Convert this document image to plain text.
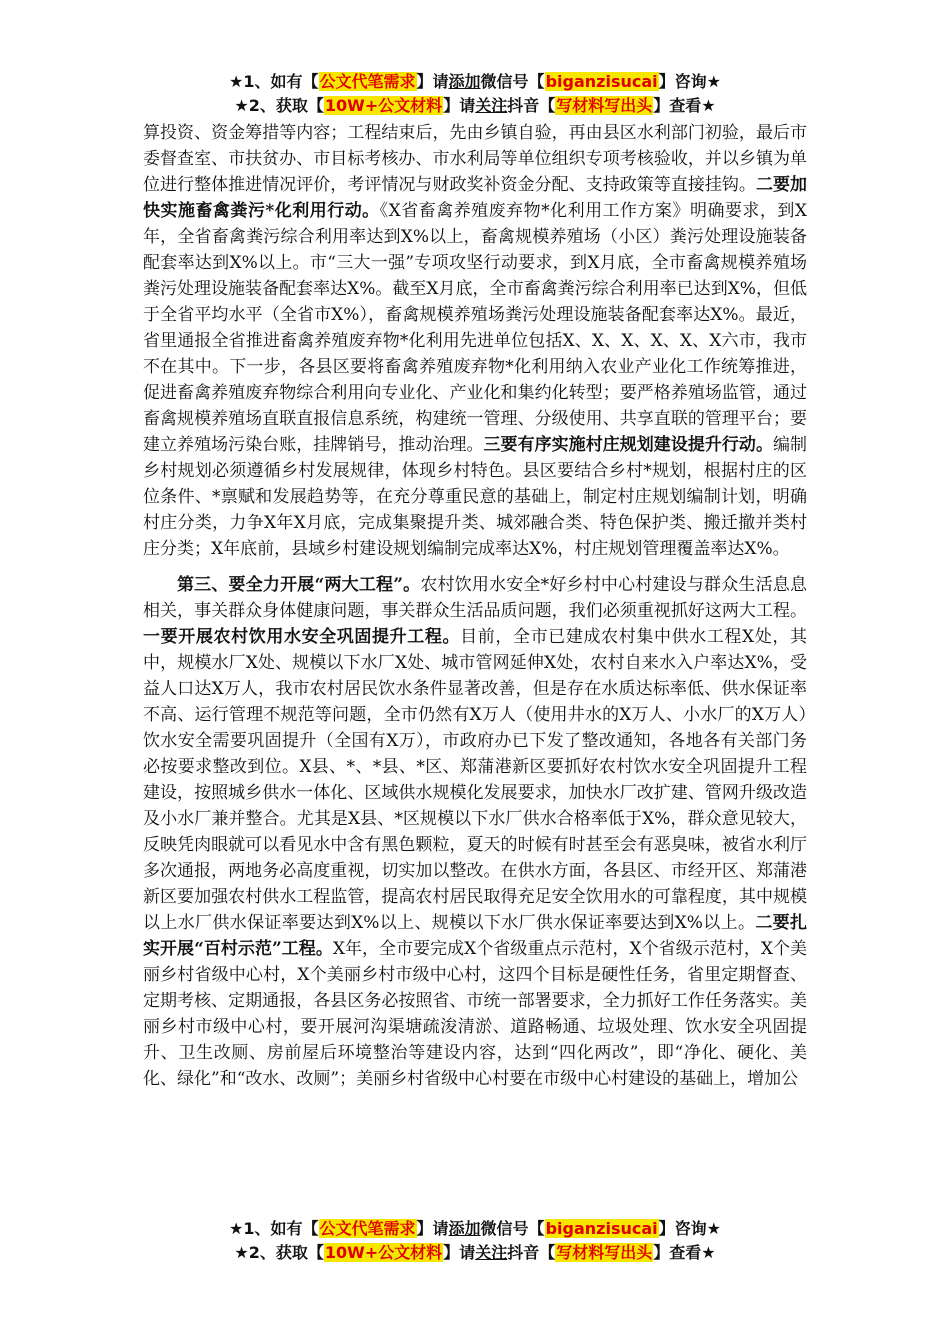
★1、如有【公文代笔需求】请添加微信号【biganzisucai】咨询★
★2、获取【10W+公文材料】请关注抖音【写材料写出头】查看★

算投资、资金筹措等内容；工程结束后，先由乡镇自验，再由县区水利部门初验，最后市委督查室、市扶贫办、市目标考核办、市水利局等单位组织专项考核验收，并以乡镇为单位进行整体推进情况评价，考评情况与财政奖补资金分配、支持政策等直接挂钩。二要加快实施畜禽粪污*化利用行动。《X省畜禽养殖废弃物*化利用工作方案》明确要求，到X年，全省畜禽粪污综合利用率达到X%以上，畜禽规模养殖场（小区）粪污处理设施装备配套率达到X%以上。市“三大一强”专项攻坚行动要求，到X月底，全市畜禽规模养殖场粪污处理设施装备配套率达X%。截至X月底，全市畜禽粪污综合利用率已达到X%，但低于全省平均水平（全省市X%），畜禽规模养殖场粪污处理设施装备配套率达X%。最近，省里通报全省推进畜禽养殖废弃物*化利用先进单位包括X、X、X、X、X、X六市，我市不在其中。下一步，各县区要将畜禽养殖废弃物*化利用纳入农业产业化工作统筹推进，促进畜禽养殖废弃物综合利用向专业化、产业化和集约化转型；要严格养殖场监管，通过畜禽规模养殖场直联直报信息系统，构建统一管理、分级使用、共享直联的管理平台；要建立养殖场污染台账，挂牌销号，推动治理。三要有序实施村庄规划建设提升行动。编制乡村规划必须遵循乡村发展规律，体现乡村特色。县区要结合乡村*规划，根据村庄的区位条件、*禀赋和发展趋势等，在充分尊重民意的基础上，制定村庄规划编制计划，明确村庄分类，力争X年X月底，完成集聚提升类、城郊融合类、特色保护类、搬迁撤并类村庄分类；X年底前，县域乡村建设规划编制完成率达X%，村庄规划管理覆盖率达X%。

第三、要全力开展“两大工程”。农村饮用水安全*好乡村中心村建设与群众生活息息相关，事关群众身体健康问题，事关群众生活品质问题，我们必须重视抓好这两大工程。一要开展农村饮用水安全巩固提升工程。目前，全市已建成农村集中供水工程X处，其中，规模水厂X处、规模以下水厂X处、城市管网延伸X处，农村自来水入户率达X%，受益人口达X万人，我市农村居民饮水条件显著改善，但是存在水质达标率低、供水保证率不高、运行管理不规范等问题，全市仍然有X万人（使用井水的X万人、小水厂的X万人）饮水安全需要巩固提升（全国有X万），市政府办已下发了整改通知，各地各有关部门务必按要求整改到位。X县、*、*县、*区、郑蒲港新区要抓好农村饮水安全巩固提升工程建设，按照城乡供水一体化、区域供水规模化发展要求，加快水厂改扩建、管网升级改造及小水厂兼并整合。尤其是X县、*区规模以下水厂供水合格率低于X%，群众意见较大，反映凭肉眼就可以看见水中含有黑色颗粒，夏天的时候有时甚至会有恶臭味，被省水利厅多次通报，两地务必高度重视，切实加以整改。在供水方面，各县区、市经开区、郑蒲港新区要加强农村供水工程监管，提高农村居民取得充足安全饮用水的可靠程度，其中规模以上水厂供水保证率要达到X%以上、规模以下水厂供水保证率要达到X%以上。二要扎实开展“百村示范”工程。X年，全市要完成X个省级重点示范村，X个省级示范村，X个美丽乡村省级中心村，X个美丽乡村市级中心村，这四个目标是硬性任务，省里定期督查、定期考核、定期通报，各县区务必按照省、市统一部署要求，全力抓好工作任务落实。美丽乡村市级中心村，要开展河沟渠塘疏浚清淤、道路畅通、垃圾处理、饮水安全巩固提升、卫生改厕、房前屋后环境整治等建设内容，达到“四化两改”，即“净化、硬化、美化、绿化”和“改水、改厕”；美丽乡村省级中心村要在市级中心村建设的基础上，增加公

★1、如有【公文代笔需求】请添加微信号【biganzisucai】咨询★
★2、获取【10W+公文材料】请关注抖音【写材料写出头】查看★
